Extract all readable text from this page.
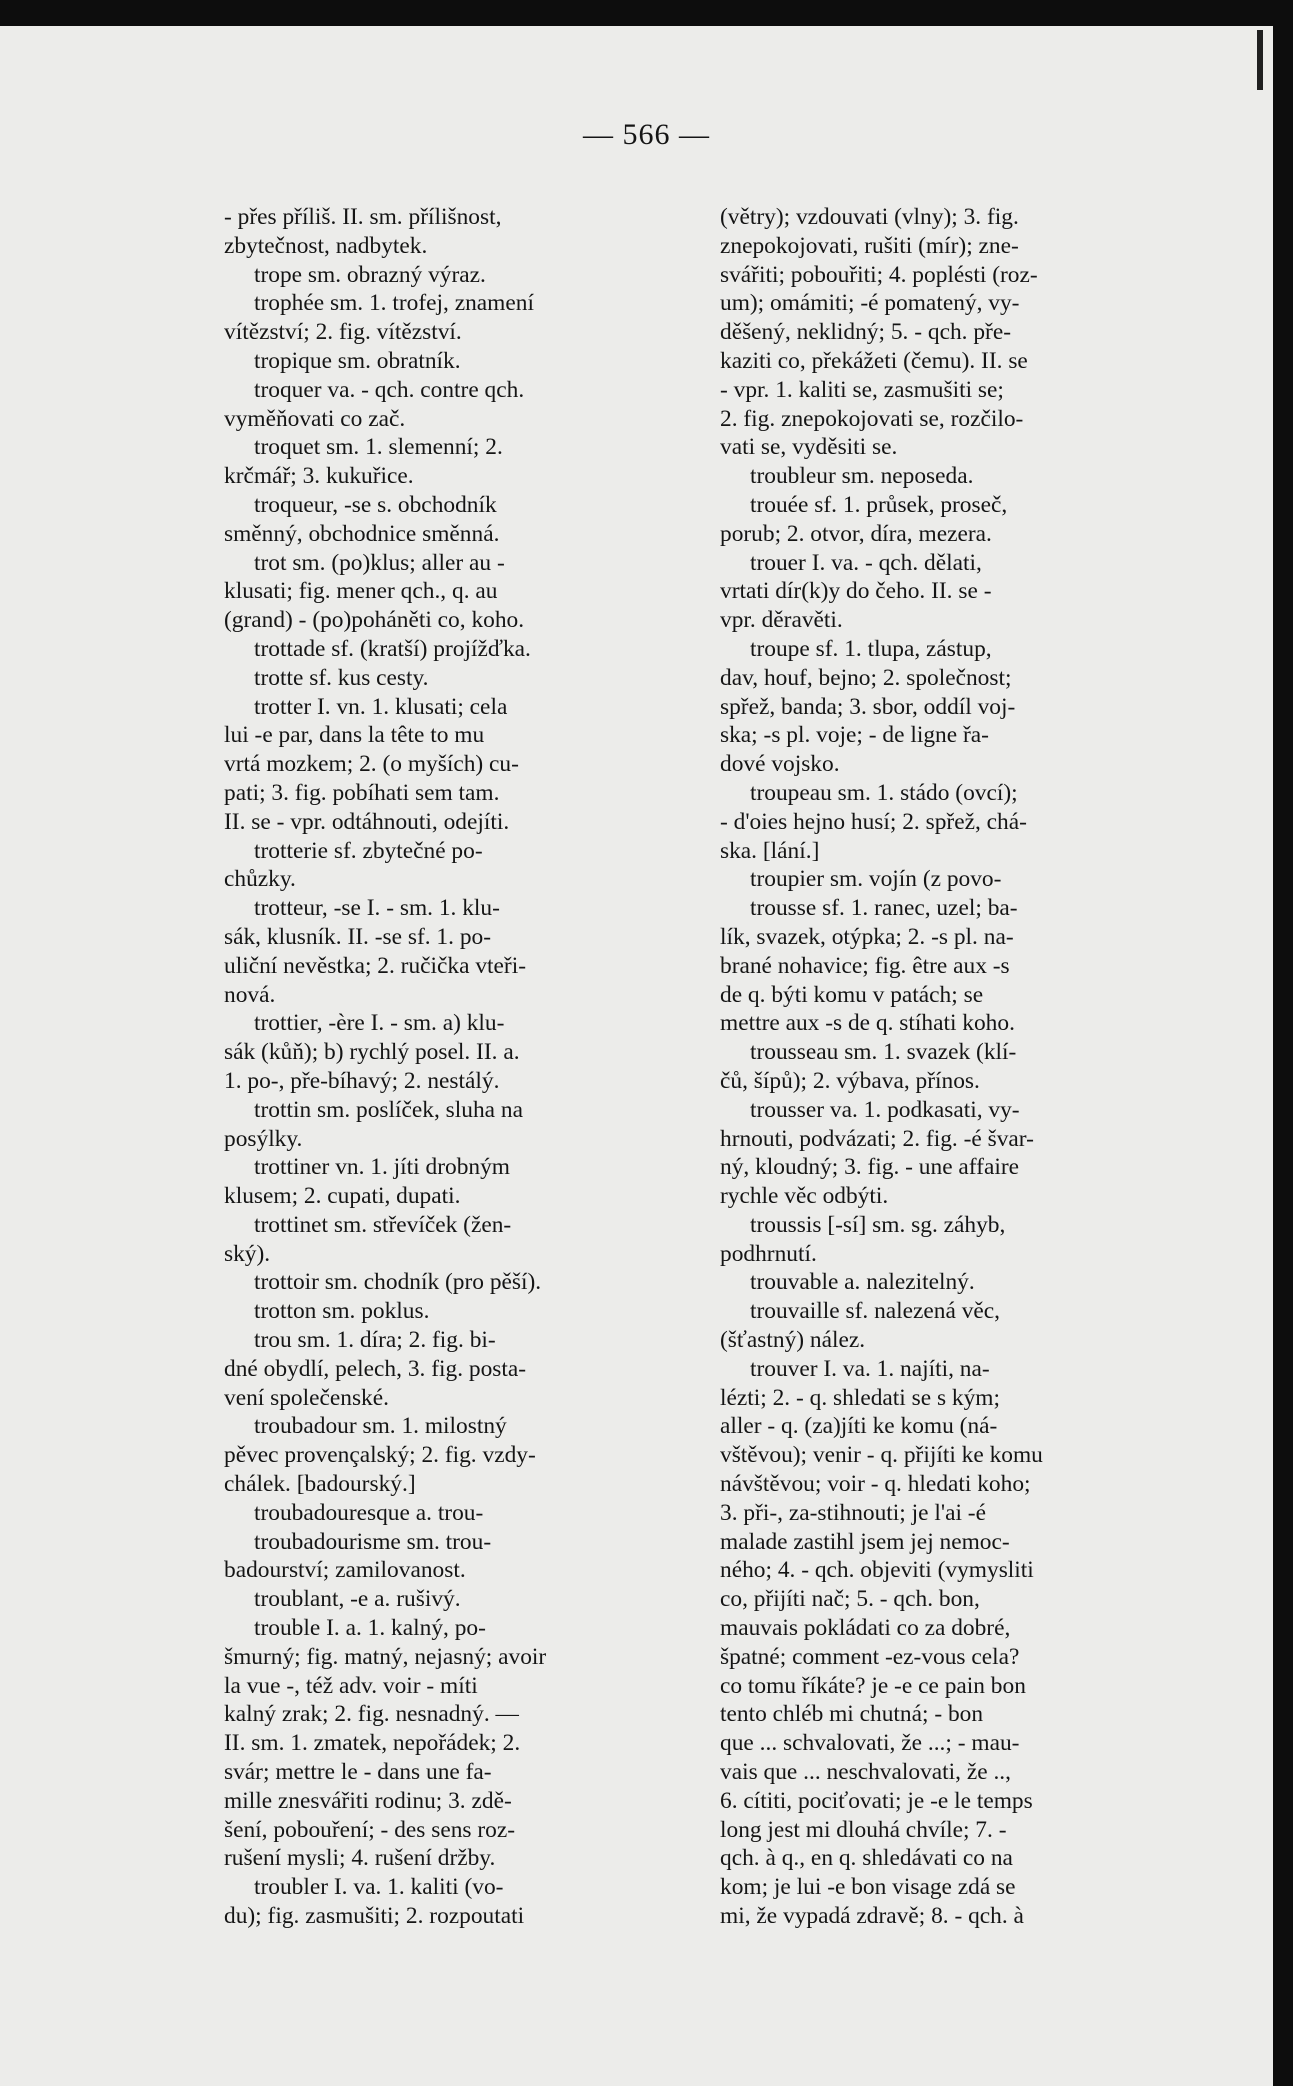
— 566 —
- přes příliš. II. sm. přílišnost,
zbytečnost, nadbytek.
trope sm. obrazný výraz.
trophée sm. 1. trofej, znamení
vítězství; 2. fig. vítězství.
tropique sm. obratník.
troquer va. - qch. contre qch.
vyměňovati co zač.
troquet sm. 1. slemenní; 2.
krčmář; 3. kukuřice.
troqueur, -se s. obchodník
směnný, obchodnice směnná.
trot sm. (po)klus; aller au -
klusati; fig. mener qch., q. au
(grand) - (po)poháněti co, koho.
trottade sf. (kratší) projížďka.
trotte sf. kus cesty.
trotter I. vn. 1. klusati; cela
lui -e par, dans la tête to mu
vrtá mozkem; 2. (o myších) cu-
pati; 3. fig. pobíhati sem tam.
II. se - vpr. odtáhnouti, odejíti.
trotterie sf. zbytečné po-
chůzky.
trotteur, -se I. - sm. 1. klu-
sák, klusník. II. -se sf. 1. po-
uliční nevěstka; 2. ručička vteři-
nová.
trottier, -ère I. - sm. a) klu-
sák (kůň); b) rychlý posel. II. a.
1. po-, pře-bíhavý; 2. nestálý.
trottin sm. poslíček, sluha na
posýlky.
trottiner vn. 1. jíti drobným
klusem; 2. cupati, dupati.
trottinet sm. střevíček (žen-
ský).
trottoir sm. chodník (pro pěší).
trotton sm. poklus.
trou sm. 1. díra; 2. fig. bi-
dné obydlí, pelech, 3. fig. posta-
vení společenské.
troubadour sm. 1. milostný
pěvec provençalský; 2. fig. vzdy-
chálek. [badourský.]
troubadouresque a. trou-
troubadourisme sm. trou-
badourství; zamilovanost.
troublant, -e a. rušivý.
trouble I. a. 1. kalný, po-
šmurný; fig. matný, nejasný; avoir
la vue -, též adv. voir - míti
kalný zrak; 2. fig. nesnadný. —
II. sm. 1. zmatek, nepořádek; 2.
svár; mettre le - dans une fa-
mille znesvářiti rodinu; 3. zdě-
šení, pobouření; - des sens roz-
rušení mysli; 4. rušení držby.
troubler I. va. 1. kaliti (vo-
du); fig. zasmušiti; 2. rozpoutati
(větry); vzdouvati (vlny); 3. fig.
znepokojovati, rušiti (mír); zne-
svářiti; pobouřiti; 4. poplésti (roz-
um); omámiti; -é pomatený, vy-
děšený, neklidný; 5. - qch. pře-
kaziti co, překážeti (čemu). II. se
- vpr. 1. kaliti se, zasmušiti se;
2. fig. znepokojovati se, rozčilo-
vati se, vyděsiti se.
troubleur sm. neposeda.
trouée sf. 1. průsek, proseč,
porub; 2. otvor, díra, mezera.
trouer I. va. - qch. dělati,
vrtati dír(k)y do čeho. II. se -
vpr. děravěti.
troupe sf. 1. tlupa, zástup,
dav, houf, bejno; 2. společnost;
spřež, banda; 3. sbor, oddíl voj-
ska; -s pl. voje; - de ligne řa-
dové vojsko.
troupeau sm. 1. stádo (ovcí);
- d'oies hejno husí; 2. spřež, chá-
ska. [lání.]
troupier sm. vojín (z povo-
trousse sf. 1. ranec, uzel; ba-
lík, svazek, otýpka; 2. -s pl. na-
brané nohavice; fig. être aux -s
de q. býti komu v patách; se
mettre aux -s de q. stíhati koho.
trousseau sm. 1. svazek (klí-
čů, šípů); 2. výbava, přínos.
trousser va. 1. podkasati, vy-
hrnouti, podvázati; 2. fig. -é švar-
ný, kloudný; 3. fig. - une affaire
rychle věc odbýti.
troussis [-sí] sm. sg. záhyb,
podhrnutí.
trouvable a. nalezitelný.
trouvaille sf. nalezená věc,
(šťastný) nález.
trouver I. va. 1. najíti, na-
lézti; 2. - q. shledati se s kým;
aller - q. (za)jíti ke komu (ná-
vštěvou); venir - q. přijíti ke komu
návštěvou; voir - q. hledati koho;
3. při-, za-stihnouti; je l'ai -é
malade zastihl jsem jej nemoc-
ného; 4. - qch. objeviti (vymysliti
co, přijíti nač; 5. - qch. bon,
mauvais pokládati co za dobré,
špatné; comment -ez-vous cela?
co tomu říkáte? je -e ce pain bon
tento chléb mi chutná; - bon
que ... schvalovati, že ...; - mau-
vais que ... neschvalovati, že ..,
6. cítiti, pociťovati; je -e le temps
long jest mi dlouhá chvíle; 7. -
qch. à q., en q. shledávati co na
kom; je lui -e bon visage zdá se
mi, že vypadá zdravě; 8. - qch. à
